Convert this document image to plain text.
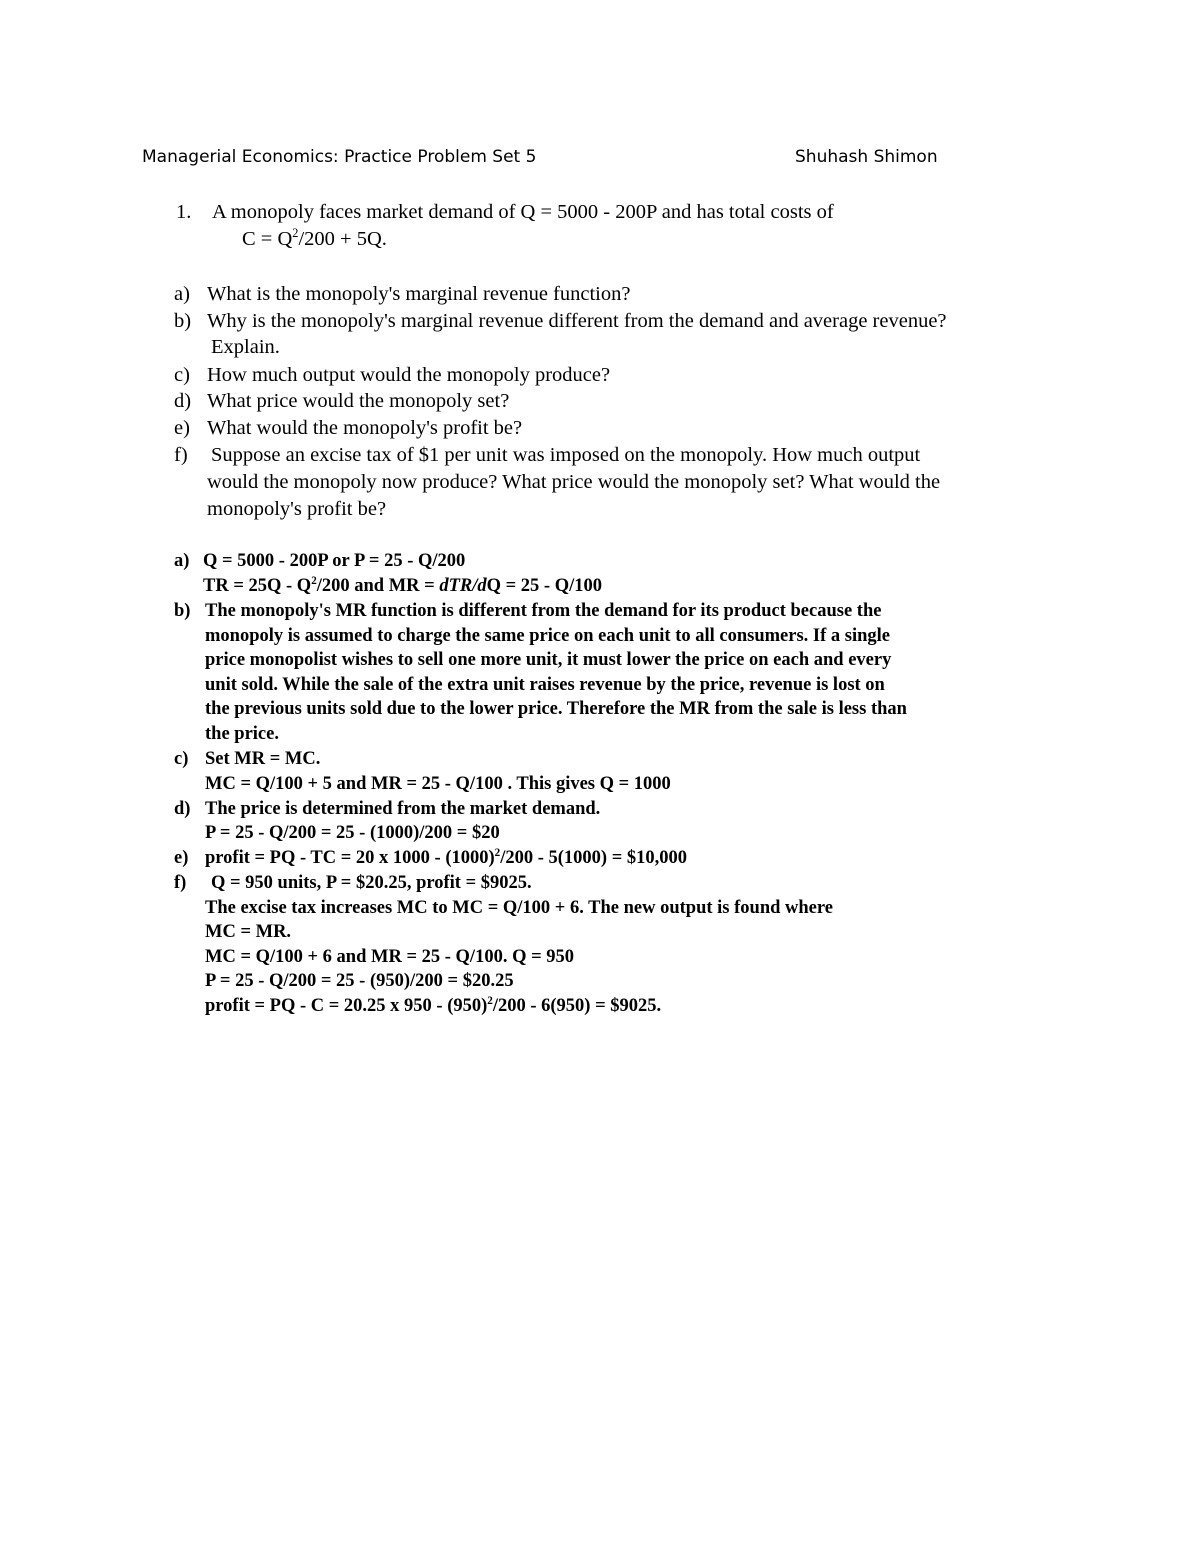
Managerial Economics: Practice Problem Set 5	Shuhash Shimon
1. A monopoly faces market demand of Q = 5000 - 200P and has total costs of
$C = Q^2/200 + 5Q$.
a) What is the monopoly's marginal revenue function?
b) Why is the monopoly's marginal revenue different from the demand and average revenue?
Explain.
c) How much output would the monopoly produce?
d) What price would the monopoly set?
e) What would the monopoly's profit be?
f) Suppose an excise tax of $1 per unit was imposed on the monopoly. How much output
would the monopoly now produce? What price would the monopoly set? What would the
monopoly's profit be?
a) Q = 5000 - 200P or P = 25 - Q/200
TR = $25Q - Q^2/200$ and MR = dTR/dQ = 25 - Q/100
b) The monopoly's MR function is different from the demand for its product because the
monopoly is assumed to charge the same price on each unit to all consumers. If a single
price monopolist wishes to sell one more unit, it must lower the price on each and every
unit sold. While the sale of the extra unit raises revenue by the price, revenue is lost on
the previous units sold due to the lower price. Therefore the MR from the sale is less than
the price.
c) Set MR = MC.
MC = Q/100 + 5 and MR = 25 - Q/100 . This gives Q = 1000
d) The price is determined from the market demand.
P = 25 - Q/200 = 25 - (1000)/200 = $20
e) profit = PQ - TC = 20 x $1000 - (1000)^2/200 - 5(1000)$ = $10,000
f) Q = 950 units, P = $20.25, profit = $9025.
The excise tax increases MC to MC = Q/100 + 6. The new output is found where
MC = MR.
MC = Q/100 + 6 and MR = 25 - Q/100. Q = 950
P = 25 - Q/200 = 25 - (950)/200 = $20.25
profit = PQ - C = 20.25 x $950 - (950)^2/200 - 6(950)$ = $9025.
